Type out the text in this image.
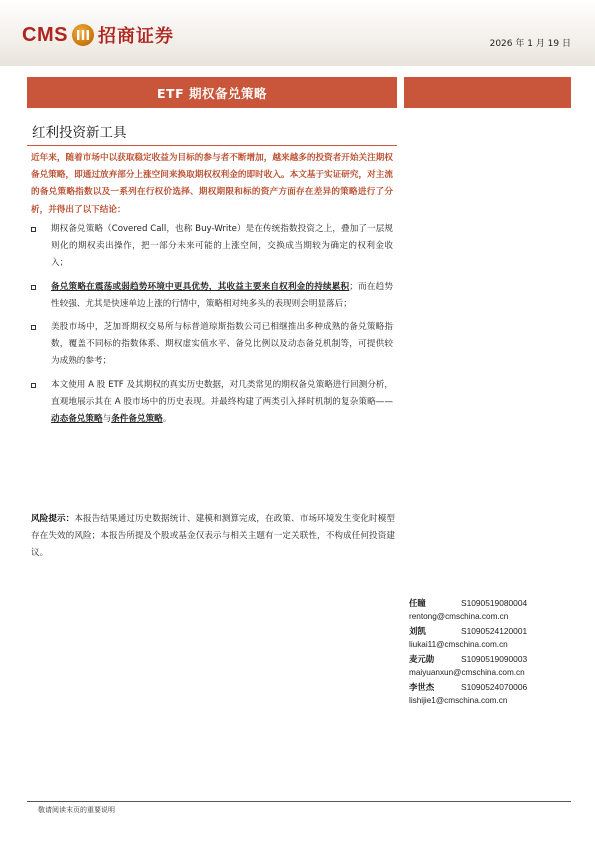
CMS 招商证券	2026 年 1 月 19 日
ETF 期权备兑策略
红利投资新工具
近年来，随着市场中以获取稳定收益为目标的参与者不断增加，越来越多的投资者开始关注期权备兑策略，即通过放弃部分上涨空间来换取期权权利金的即时收入。本文基于实证研究，对主流的备兑策略指数以及一系列在行权价选择、期权期限和标的资产方面存在差异的策略进行了分析，并得出了以下结论：
期权备兑策略（Covered Call，也称 Buy-Write）是在传统指数投资之上，叠加了一层规则化的期权卖出操作，把一部分未来可能的上涨空间，交换成当期较为确定的权利金收入；
备兑策略在震荡或弱趋势环境中更具优势，其收益主要来自权利金的持续累积；而在趋势性较强、尤其是快速单边上涨的行情中，策略相对纯多头的表现则会明显落后；
美股市场中，芝加哥期权交易所与标普道琼斯指数公司已相继推出多种成熟的备兑策略指数，覆盖不同标的指数体系、期权虚实值水平、备兑比例以及动态备兑机制等，可提供较为成熟的参考；
本文使用 A 股 ETF 及其期权的真实历史数据，对几类常见的期权备兑策略进行回测分析，直观地展示其在 A 股市场中的历史表现。并最终构建了两类引入择时机制的复杂策略——动态备兑策略与条件备兑策略。
风险提示：本报告结果通过历史数据统计、建模和测算完成，在政策、市场环境发生变化时模型存在失效的风险；本报告所提及个股或基金仅表示与相关主题有一定关联性，不构成任何投资建议。
任瞳	S1090519080004
rentong@cmschina.com.cn
刘凯	S1090524120001
liukai11@cmschina.com.cn
麦元勋	S1090519090003
maiyuanxun@cmschina.com.cn
李世杰	S1090524070006
lishijie1@cmschina.com.cn
敬请阅读末页的重要说明
